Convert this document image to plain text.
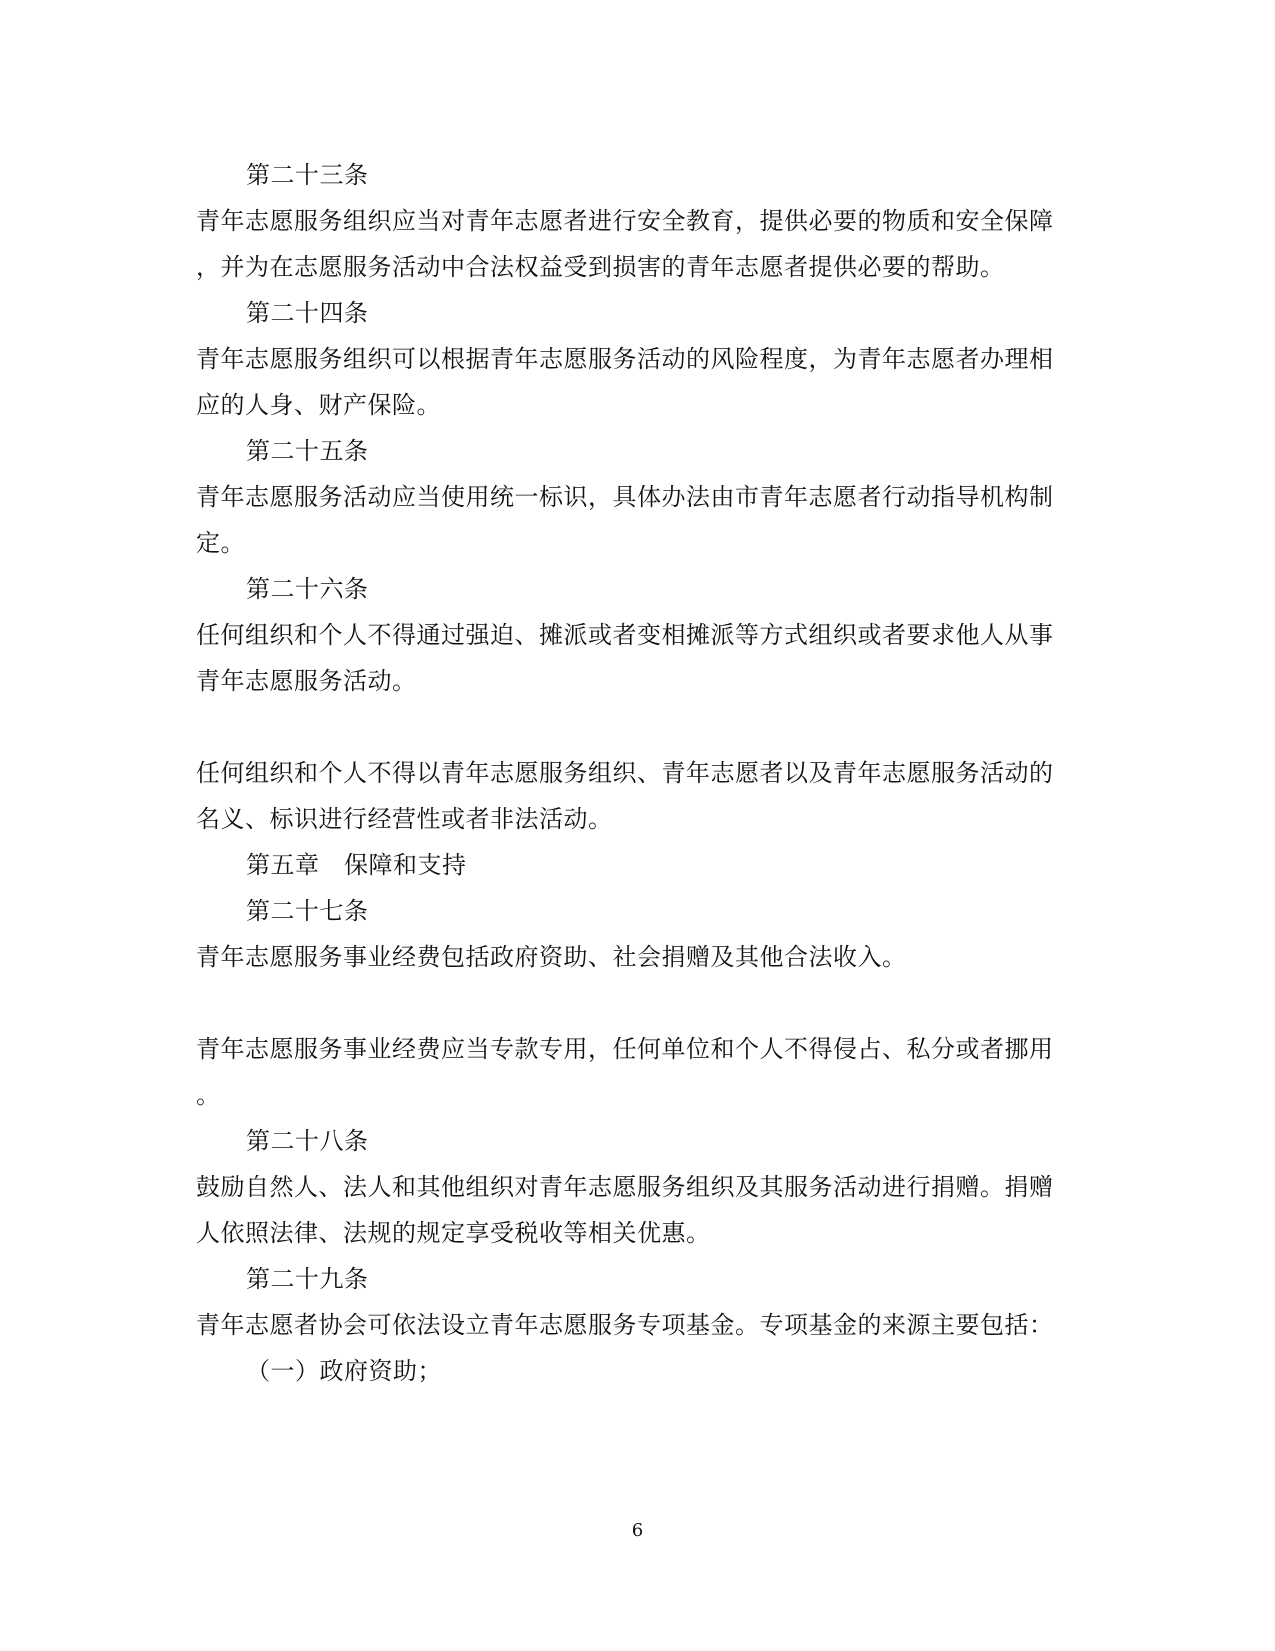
第二十三条
青年志愿服务组织应当对青年志愿者进行安全教育，提供必要的物质和安全保障
，并为在志愿服务活动中合法权益受到损害的青年志愿者提供必要的帮助。
第二十四条
青年志愿服务组织可以根据青年志愿服务活动的风险程度，为青年志愿者办理相
应的人身、财产保险。
第二十五条
青年志愿服务活动应当使用统一标识，具体办法由市青年志愿者行动指导机构制
定。
第二十六条
任何组织和个人不得通过强迫、摊派或者变相摊派等方式组织或者要求他人从事
青年志愿服务活动。
任何组织和个人不得以青年志愿服务组织、青年志愿者以及青年志愿服务活动的
名义、标识进行经营性或者非法活动。
第五章　保障和支持
第二十七条
青年志愿服务事业经费包括政府资助、社会捐赠及其他合法收入。
青年志愿服务事业经费应当专款专用，任何单位和个人不得侵占、私分或者挪用
。
第二十八条
鼓励自然人、法人和其他组织对青年志愿服务组织及其服务活动进行捐赠。捐赠
人依照法律、法规的规定享受税收等相关优惠。
第二十九条
青年志愿者协会可依法设立青年志愿服务专项基金。专项基金的来源主要包括：
（一）政府资助；
6
